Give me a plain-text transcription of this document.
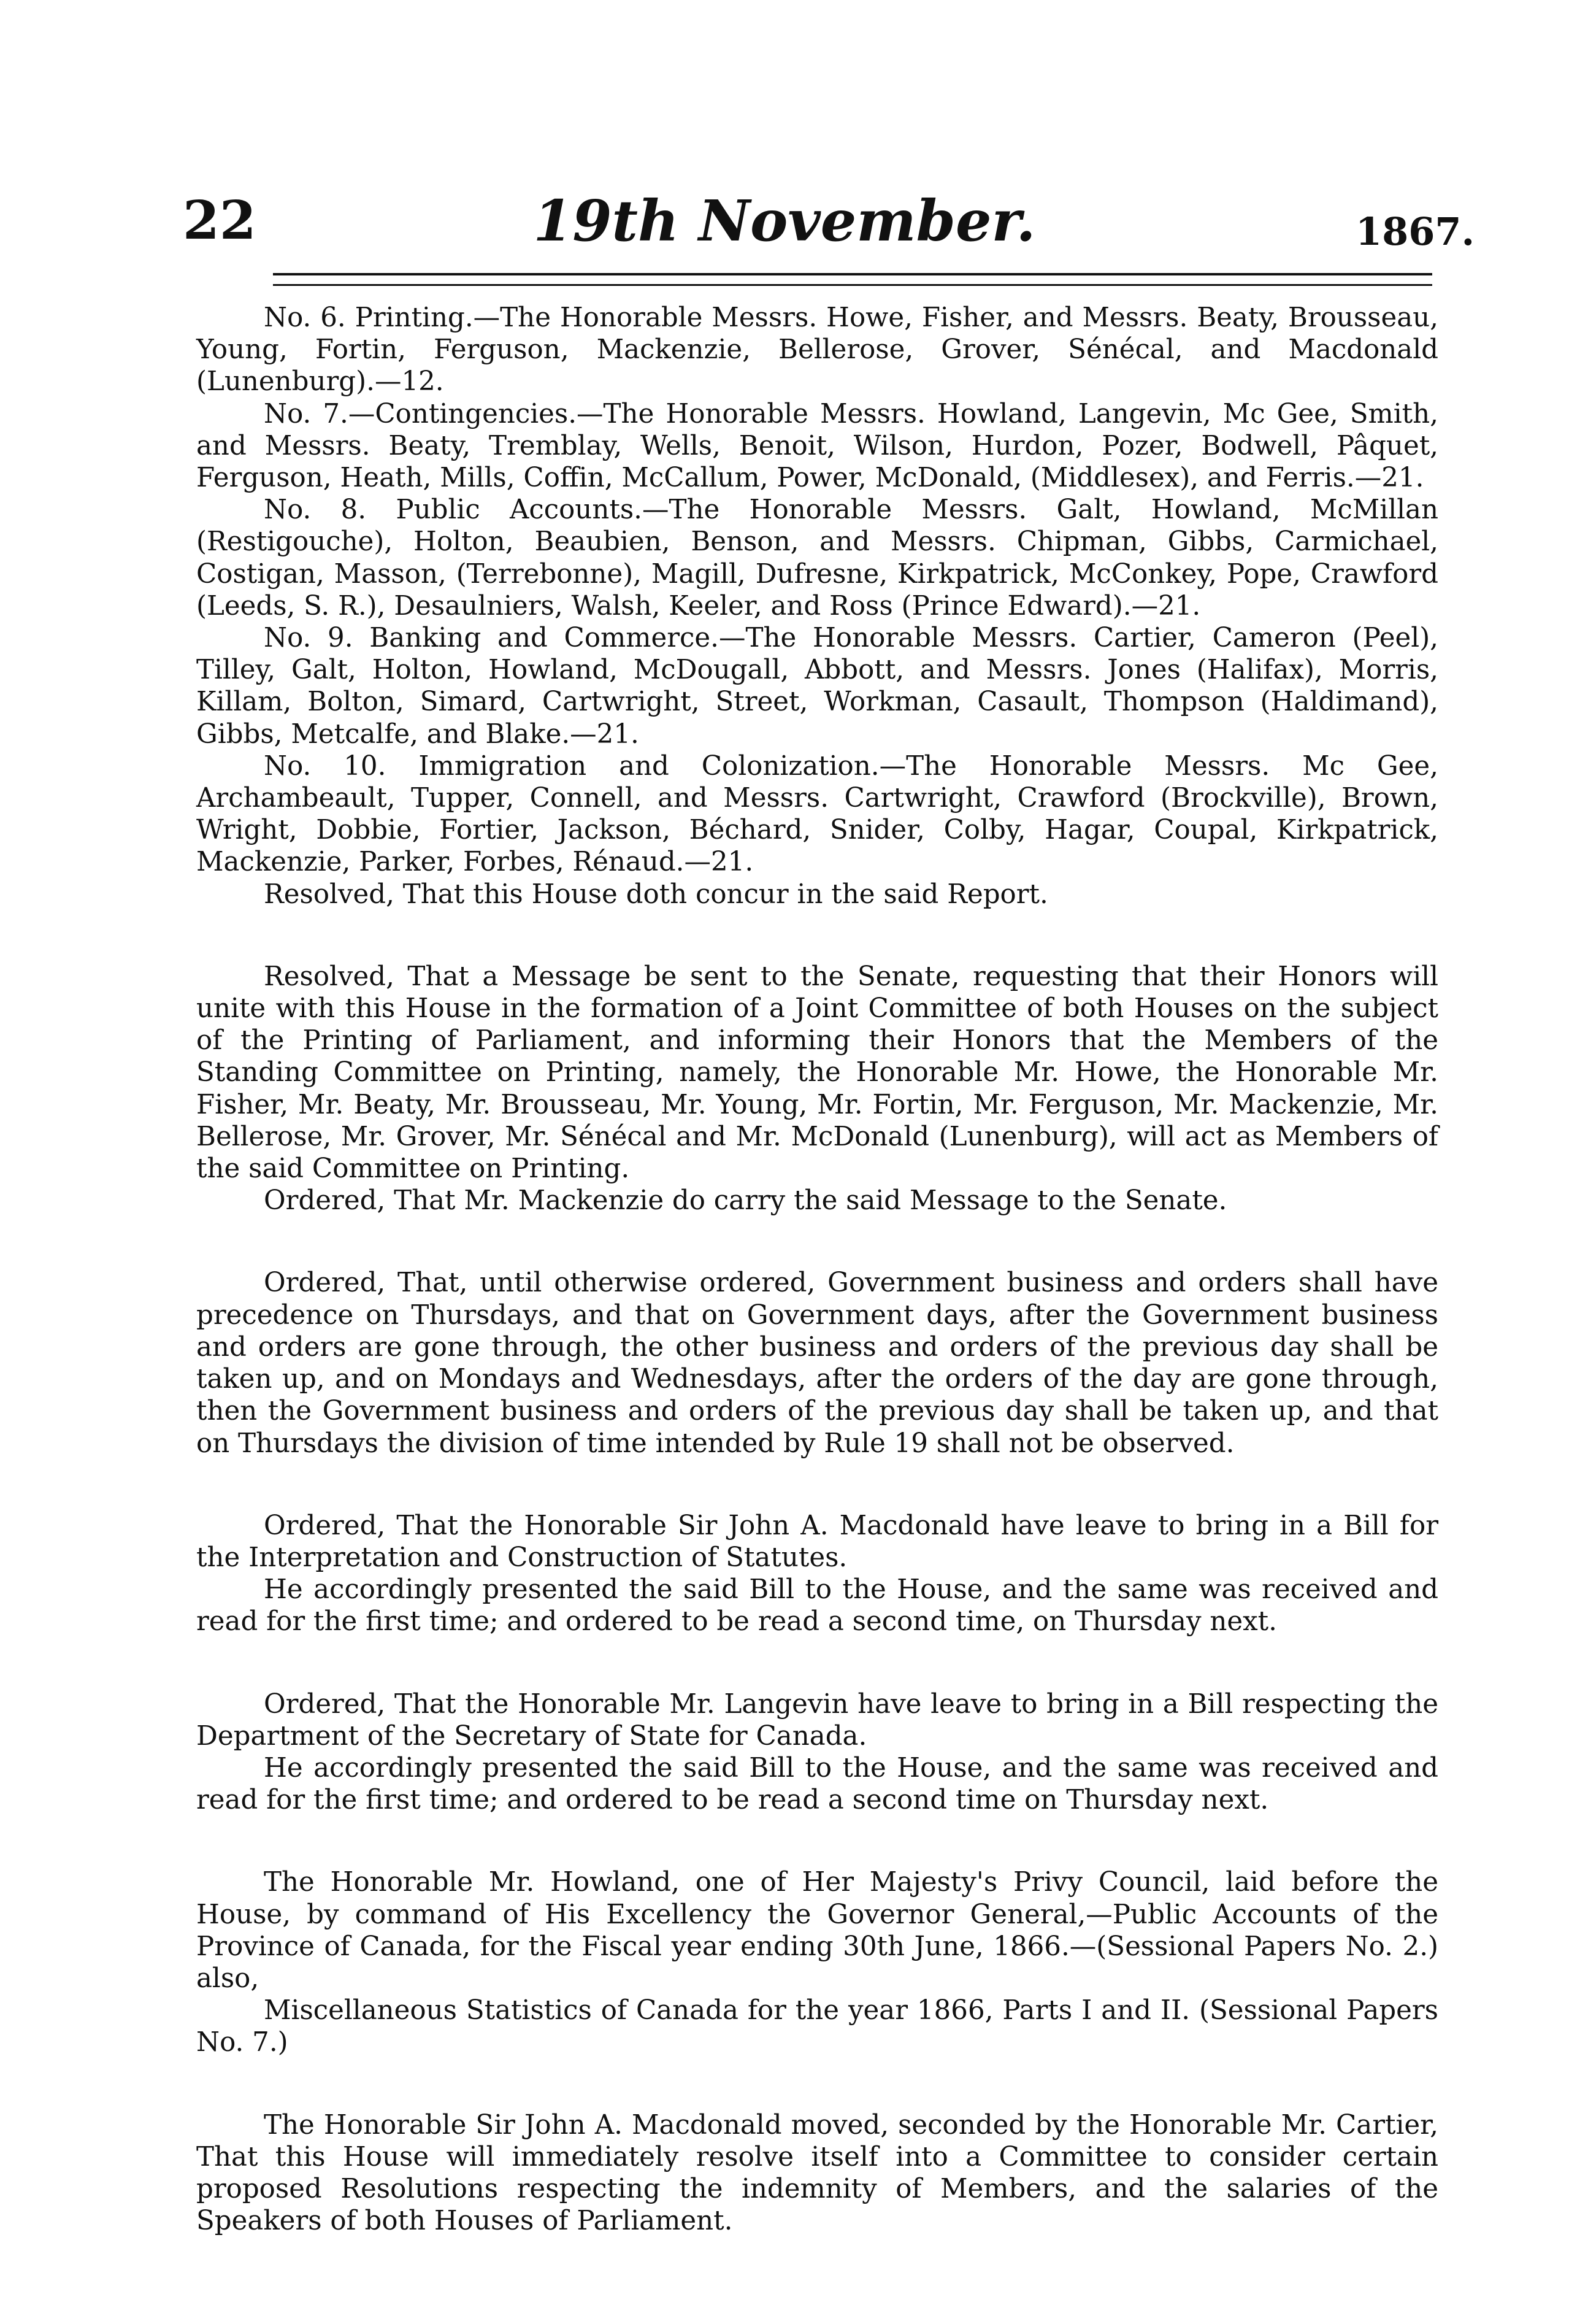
22	19th November.	1867.

No. 6. Printing.—The Honorable Messrs. Howe, Fisher, and Messrs. Beaty, Brousseau, Young, Fortin, Ferguson, Mackenzie, Bellerose, Grover, Sénécal, and Macdonald (Lunenburg).—12.

No. 7.—Contingencies.—The Honorable Messrs. Howland, Langevin, Mc Gee, Smith, and Messrs. Beaty, Tremblay, Wells, Benoit, Wilson, Hurdon, Pozer, Bodwell, Pâquet, Ferguson, Heath, Mills, Coffin, McCallum, Power, McDonald, (Middlesex), and Ferris.—21.

No. 8. Public Accounts.—The Honorable Messrs. Galt, Howland, McMillan (Restigouche), Holton, Beaubien, Benson, and Messrs. Chipman, Gibbs, Carmichael, Costigan, Masson, (Terrebonne), Magill, Dufresne, Kirkpatrick, McConkey, Pope, Crawford (Leeds, S. R.), Desaulniers, Walsh, Keeler, and Ross (Prince Edward).—21.

No. 9. Banking and Commerce.—The Honorable Messrs. Cartier, Cameron (Peel), Tilley, Galt, Holton, Howland, McDougall, Abbott, and Messrs. Jones (Halifax), Morris, Killam, Bolton, Simard, Cartwright, Street, Workman, Casault, Thompson (Haldimand), Gibbs, Metcalfe, and Blake.—21.

No. 10. Immigration and Colonization.—The Honorable Messrs. Mc Gee, Archambeault, Tupper, Connell, and Messrs. Cartwright, Crawford (Brockville), Brown, Wright, Dobbie, Fortier, Jackson, Béchard, Snider, Colby, Hagar, Coupal, Kirkpatrick, Mackenzie, Parker, Forbes, Rénaud.—21.

Resolved, That this House doth concur in the said Report.

Resolved, That a Message be sent to the Senate, requesting that their Honors will unite with this House in the formation of a Joint Committee of both Houses on the subject of the Printing of Parliament, and informing their Honors that the Members of the Standing Committee on Printing, namely, the Honorable Mr. Howe, the Honorable Mr. Fisher, Mr. Beaty, Mr. Brousseau, Mr. Young, Mr. Fortin, Mr. Ferguson, Mr. Mackenzie, Mr. Bellerose, Mr. Grover, Mr. Sénécal and Mr. McDonald (Lunenburg), will act as Members of the said Committee on Printing.

Ordered, That Mr. Mackenzie do carry the said Message to the Senate.

Ordered, That, until otherwise ordered, Government business and orders shall have precedence on Thursdays, and that on Government days, after the Government business and orders are gone through, the other business and orders of the previous day shall be taken up, and on Mondays and Wednesdays, after the orders of the day are gone through, then the Government business and orders of the previous day shall be taken up, and that on Thursdays the division of time intended by Rule 19 shall not be observed.

Ordered, That the Honorable Sir John A. Macdonald have leave to bring in a Bill for the Interpretation and Construction of Statutes.

He accordingly presented the said Bill to the House, and the same was received and read for the first time; and ordered to be read a second time, on Thursday next.

Ordered, That the Honorable Mr. Langevin have leave to bring in a Bill respecting the Department of the Secretary of State for Canada.

He accordingly presented the said Bill to the House, and the same was received and read for the first time; and ordered to be read a second time on Thursday next.

The Honorable Mr. Howland, one of Her Majesty's Privy Council, laid before the House, by command of His Excellency the Governor General,—Public Accounts of the Province of Canada, for the Fiscal year ending 30th June, 1866.—(Sessional Papers No. 2.) also,

Miscellaneous Statistics of Canada for the year 1866, Parts I and II. (Sessional Papers No. 7.)

The Honorable Sir John A. Macdonald moved, seconded by the Honorable Mr. Cartier, That this House will immediately resolve itself into a Committee to consider certain proposed Resolutions respecting the indemnity of Members, and the salaries of the Speakers of both Houses of Parliament.
